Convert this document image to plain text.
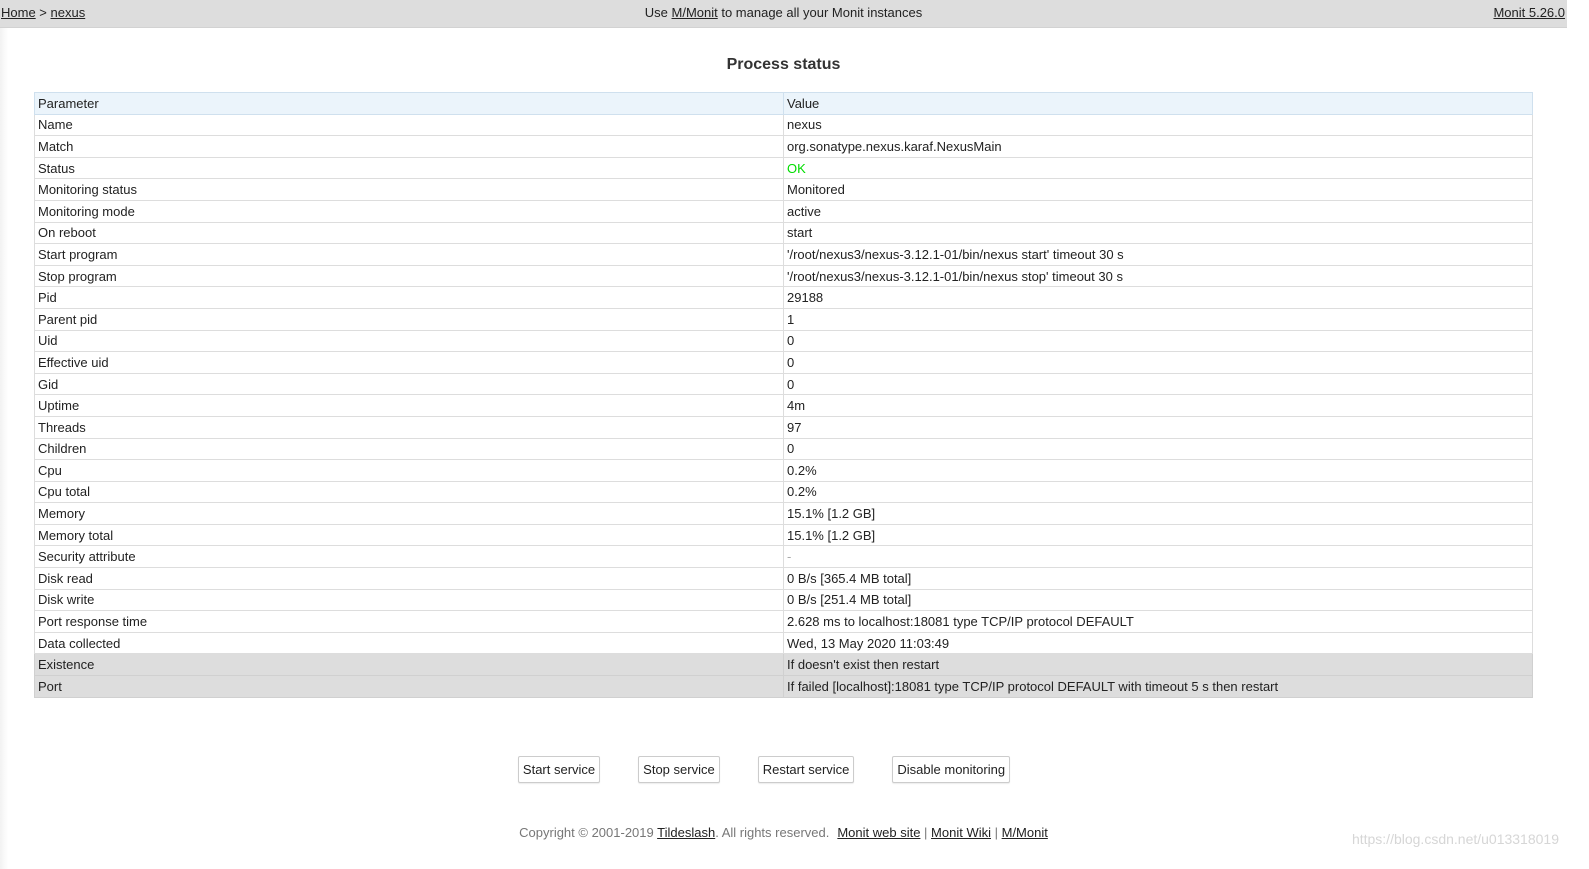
Home > nexus	Use M/Monit to manage all your Monit instances	Monit 5.26.0
Process status
Parameter	Value
Name	nexus
Match	org.sonatype.nexus.karaf.NexusMain
Status	OK
Monitoring status	Monitored
Monitoring mode	active
On reboot	start
Start program	'/root/nexus3/nexus-3.12.1-01/bin/nexus start' timeout 30 s
Stop program	'/root/nexus3/nexus-3.12.1-01/bin/nexus stop' timeout 30 s
Pid	29188
Parent pid	1
Uid	0
Effective uid	0
Gid	0
Uptime	4m
Threads	97
Children	0
Cpu	0.2%
Cpu total	0.2%
Memory	15.1% [1.2 GB]
Memory total	15.1% [1.2 GB]
Security attribute	-
Disk read	0 B/s [365.4 MB total]
Disk write	0 B/s [251.4 MB total]
Port response time	2.628 ms to localhost:18081 type TCP/IP protocol DEFAULT
Data collected	Wed, 13 May 2020 11:03:49
Existence	If doesn't exist then restart
Port	If failed [localhost]:18081 type TCP/IP protocol DEFAULT with timeout 5 s then restart
Start service	Stop service	Restart service	Disable monitoring
Copyright © 2001-2019 Tildeslash. All rights reserved. Monit web site | Monit Wiki | M/Monit	https://blog.csdn.net/u013318019
